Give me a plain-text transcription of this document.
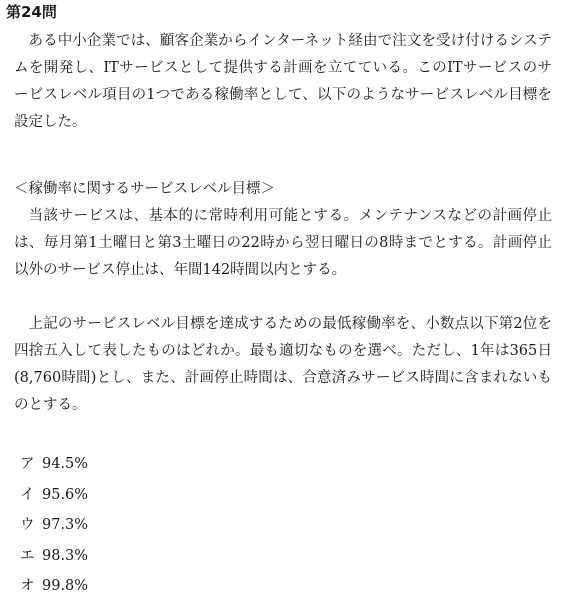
第24問

ある中小企業では、顧客企業からインターネット経由で注文を受け付けるシステムを開発し、ITサービスとして提供する計画を立てている。このITサービスのサービスレベル項目の1つである稼働率として、以下のようなサービスレベル目標を設定した。

＜稼働率に関するサービスレベル目標＞

当該サービスは、基本的に常時利用可能とする。メンテナンスなどの計画停止は、毎月第1土曜日と第3土曜日の22時から翌日曜日の8時までとする。計画停止以外のサービス停止は、年間142時間以内とする。

上記のサービスレベル目標を達成するための最低稼働率を、小数点以下第2位を四捨五入して表したものはどれか。最も適切なものを選べ。ただし、1年は365日(8,760時間)とし、また、計画停止時間は、合意済みサービス時間に含まれないものとする。

ア 94.5%
イ 95.6%
ウ 97.3%
エ 98.3%
オ 99.8%
